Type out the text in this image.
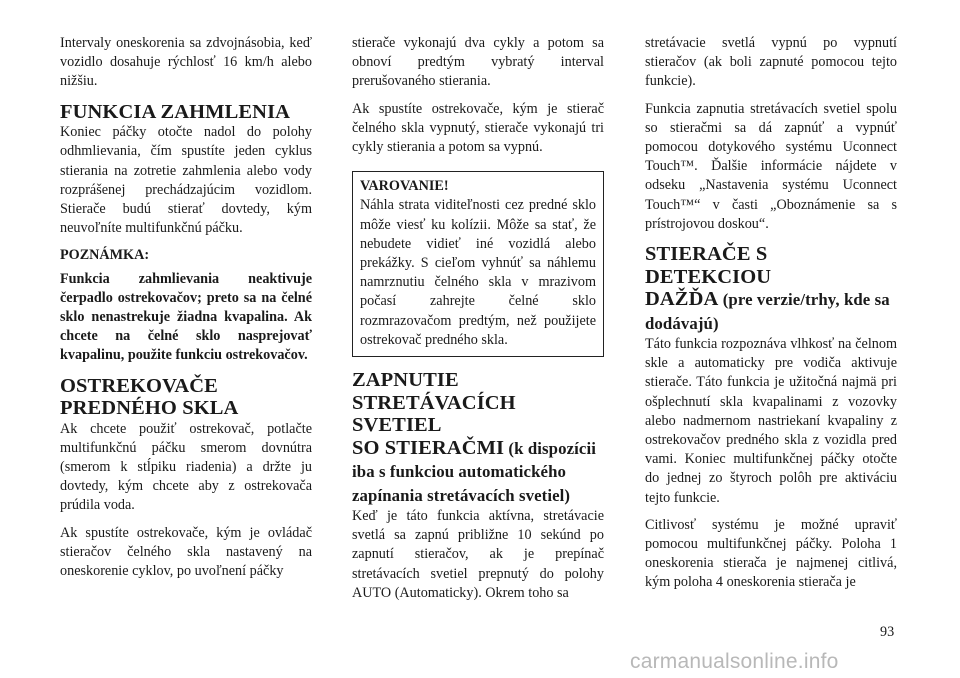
Intervaly oneskorenia sa zdvojnásobia, keď vozidlo dosahuje rýchlosť 16 km/h alebo nižšiu.

FUNKCIA ZAHMLENIA

Koniec páčky otočte nadol do polohy odhmlievania, čím spustíte jeden cyklus stierania na zotretie zahmlenia alebo vody rozprášenej prechádzajúcim vozidlom. Stierače budú stierať dovtedy, kým neuvoľníte multifunkčnú páčku.

POZNÁMKA:

Funkcia zahmlievania neaktivuje čerpadlo ostrekovačov; preto sa na čelné sklo nenastrekuje žiadna kvapalina. Ak chcete na čelné sklo nasprejovať kvapalinu, použite funkciu ostrekovačov.

OSTREKOVAČE
PREDNÉHO SKLA

Ak chcete použiť ostrekovač, potlačte multifunkčnú páčku smerom dovnútra (smerom k stĺpiku riadenia) a držte ju dovtedy, kým chcete aby z ostrekovača prúdila voda.

Ak spustíte ostrekovače, kým je ovládač stieračov čelného skla nastavený na oneskorenie cyklov, po uvoľnení páčky

stierače vykonajú dva cykly a potom sa obnoví predtým vybratý interval prerušovaného stierania.

Ak spustíte ostrekovače, kým je stierač čelného skla vypnutý, stierače vykonajú tri cykly stierania a potom sa vypnú.

VAROVANIE!

Náhla strata viditeľnosti cez predné sklo môže viesť ku kolízii. Môže sa stať, že nebudete vidieť iné vozidlá alebo prekážky. S cieľom vyhnúť sa náhlemu namrznutiu čelného skla v mrazivom počasí zahrejte čelné sklo rozmrazovačom predtým, než použijete ostrekovač predného skla.

ZAPNUTIE
STRETÁVACÍCH SVETIEL
SO STIERAČMI (k dispozícii iba s funkciou automatického zapínania stretávacích svetiel)

Keď je táto funkcia aktívna, stretávacie svetlá sa zapnú približne 10 sekúnd po zapnutí stieračov, ak je prepínač stretávacích svetiel prepnutý do polohy AUTO (Automaticky). Okrem toho sa

stretávacie svetlá vypnú po vypnutí stieračov (ak boli zapnuté pomocou tejto funkcie).

Funkcia zapnutia stretávacích svetiel spolu so stieračmi sa dá zapnúť a vypnúť pomocou dotykového systému Uconnect Touch™. Ďalšie informácie nájdete v odseku „Nastavenia systému Uconnect Touch™“ v časti „Oboznámenie sa s prístrojovou doskou“.

STIERAČE S DETEKCIOU
DAŽĎA (pre verzie/trhy, kde sa dodávajú)

Táto funkcia rozpoznáva vlhkosť na čelnom skle a automaticky pre vodiča aktivuje stierače. Táto funkcia je užitočná najmä pri ošplechnutí skla kvapalinami z vozovky alebo nadmernom nastriekaní kvapaliny z ostrekovačov predného skla z vozidla pred vami. Koniec multifunkčnej páčky otočte do jednej zo štyroch polôh pre aktiváciu tejto funkcie.

Citlivosť systému je možné upraviť pomocou multifunkčnej páčky. Poloha 1 oneskorenia stierača je najmenej citlivá, kým poloha 4 oneskorenia stierača je

93
carmanualsonline.info
